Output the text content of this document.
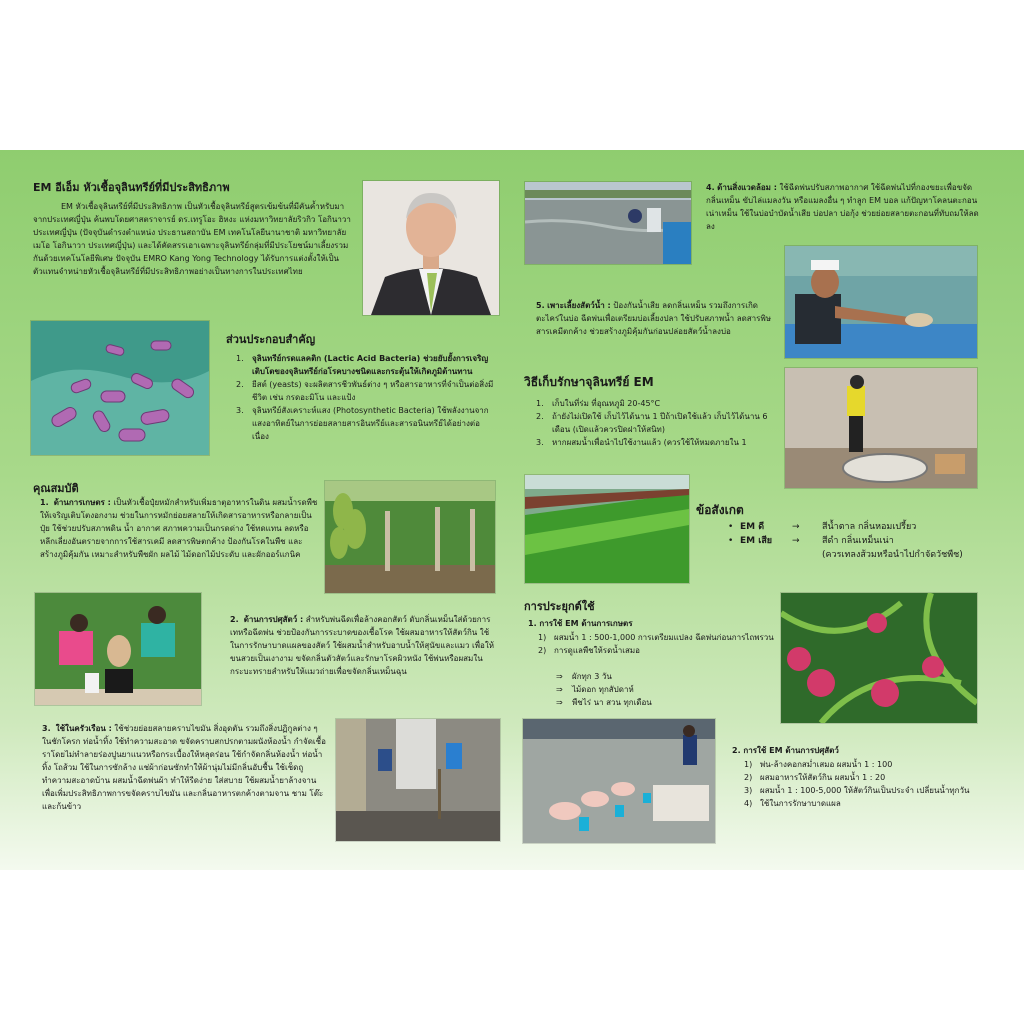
EM อีเอ็ม หัวเชื้อจุลินทรีย์ที่มีประสิทธิภาพ
EM หัวเชื้อจุลินทรีย์ที่มีประสิทธิภาพ เป็นหัวเชื้อจุลินทรีย์สูตรเข้มข้นที่มีคันค้ำหรับมาจากประเทศญี่ปุ่น ค้นพบโดยศาสตราจารย์ ดร.เทรูโอะ ฮิหงะ แห่งมหาวิทยาลัยริวกิว โอกินาวา ประเทศญี่ปุ่น (ปัจจุบันดำรงตำแหน่ง ประธานสถาบัน EM เทคโนโลยีนานาชาติ มหาวิทยาลัยเมโอ โอกินาวา ประเทศญี่ปุ่น) และได้คัดสรรเอาเฉพาะจุลินทรีย์กลุ่มที่มีประโยชน์มาเลี้ยงรวมกันด้วยเทคโนโลยีพิเศษ ปัจจุบัน EMRO Kang Yong Technology ได้รับการแต่งตั้งให้เป็นตัวแทนจำหน่ายหัวเชื้อจุลินทรีย์ที่มีประสิทธิภาพอย่างเป็นทางการในประเทศไทย
ส่วนประกอบสำคัญ
1.	จุลินทรีย์กรดแลคติก (Lactic Acid Bacteria) ช่วยยับยั้งการเจริญเติบโตของจุลินทรีย์ก่อโรคบางชนิดและกระตุ้นให้เกิดภูมิต้านทาน
2.	ยีสต์ (yeasts) จะผลิตสารชีวพันธ์ต่าง ๆ หรือสารอาหารที่จำเป็นต่อสิ่งมีชีวิต เช่น กรดอะมิโน และแป้ง
3.	จุลินทรีย์สังเคราะห์แสง (Photosynthetic Bacteria) ใช้พลังงานจากแสงอาทิตย์ในการย่อยสลายสารอินทรีย์และสารอนินทรีย์ได้อย่างต่อเนื่อง
5. เพาะเลี้ยงสัตว์น้ำ : ป้องกันน้ำเสีย ลดกลิ่นเหม็น รวมถึงการเกิดตะไคร่ในบ่อ ฉีดพ่นเพื่อเตรียมบ่อเลี้ยงปลา ใช้ปรับสภาพน้ำ ลดสารพิษ สารเคมีตกค้าง ช่วยสร้างภูมิคุ้มกันก่อนปล่อยสัตว์น้ำลงบ่อ
4. ด้านสิ่งแวดล้อม : ใช้ฉีดพ่นปรับสภาพอากาศ ใช้ฉีดพ่นไปที่กองขยะเพื่อขจัดกลิ่นเหม็น ขับไล่แมลงวัน หรือแมลงอื่น ๆ ทำลูก EM บอล แก้ปัญหาโคลนตะกอนเน่าเหม็น ใช้ในบ่อบำบัดน้ำเสีย บ่อปลา บ่อกุ้ง ช่วยย่อยสลายตะกอนที่ทับถมให้ลดลง
วิธีเก็บรักษาจุลินทรีย์ EM
1.	เก็บในที่ร่ม ที่อุณหภูมิ 20-45°C
2.	ถ้ายังไม่เปิดใช้ เก็บไว้ได้นาน 1 ปีถ้าเปิดใช้แล้ว เก็บไว้ได้นาน 6 เดือน (เปิดแล้วควรปิดฝาให้สนิท)
3.	หากผสมน้ำเพื่อนำไปใช้งานแล้ว (ควรใช้ให้หมดภายใน 1
คุณสมบัติ
1. ด้านการเกษตร : เป็นหัวเชื้อปุ๋ยหมักสำหรับเพิ่มธาตุอาหารในดิน ผสมน้ำรดพืชให้เจริญเติบโตงอกงาม ช่วยในการหมักย่อยสลายให้เกิดสารอาหารหรือกลายเป็นปุ๋ย ใช้ช่วยปรับสภาพดิน น้ำ อากาศ สภาพความเป็นกรดด่าง ใช้ทดแทน ลดหรือหลีกเลี่ยงอันตรายจากการใช้สารเคมี ลดสารพิษตกค้าง ป้องกันโรคในพืช และสร้างภูมิคุ้มกัน เหมาะสำหรับพืชผัก ผลไม้ ไม้ดอกไม้ประดับ และผักออร์แกนิค
ข้อสังเกต
• EM ดี	→	สีน้ำตาล กลิ่นหอมเปรี้ยว
• EM เสีย	→	สีดำ กลิ่นเหม็นเน่า
(ควรเทลงส้วมหรือนำไปกำจัดวัชพืช)
2. ด้านการปศุสัตว์ : สำหรับพ่นฉีดเพื่อล้างคอกสัตว์ ดับกลิ่นเหม็นใส่ด้วยการเทหรือฉีดพ่น ช่วยป้องกันการระบาดของเชื้อโรค ใช้ผสมอาหารให้สัตว์กิน ใช้ในการรักษาบาดแผลของสัตว์ ใช้ผสมน้ำสำหรับอาบน้ำให้สุนัขและแมว เพื่อให้ขนสวยเป็นเงางาม ขจัดกลิ่นตัวสัตว์และรักษาโรคผิวหนัง ใช้พ่นหรือผสมในกระบะทรายสำหรับให้แมวถ่ายเพื่อขจัดกลิ่นเหม็นฉุน
การประยุกต์ใช้
1. การใช้ EM ด้านการเกษตร
1) ผสมน้ำ 1 : 500-1,000 การเตรียมแปลง ฉีดพ่นก่อนการไถพรวน
2) การดูแลพืชให้รดน้ำเสมอ
⇒	ผักทุก 3 วัน
⇒	ไม้ดอก ทุกสัปดาห์
⇒	พืชไร่ นา สวน ทุกเดือน
3. ใช้ในครัวเรือน : ใช้ช่วยย่อยสลายคราบไขมัน สิ่งอุดตัน รวมถึงสิ่งปฏิกูลต่าง ๆ ในชักโครก ท่อน้ำทิ้ง ใช้ทำความสะอาด ขจัดคราบสกปรกตามผนังห้องน้ำ กำจัดเชื้อราโดยไม่ทำลายร่องปูนยาแนวหรือกระเบื้องให้หลุดร่อน ใช้กำจัดกลิ่นห้องน้ำ ท่อน้ำทิ้ง โถส้วม ใช้ในการซักล้าง แช่ผ้าก่อนซักทำให้ผ้านุ่มไม่มีกลิ่นอับชื้น ใช้เช็ดถูทำความสะอาดบ้าน ผสมน้ำฉีดพ่นผ้า ทำให้รีดง่าย ใส่สบาย ใช้ผสมน้ำยาล้างจาน เพื่อเพิ่มประสิทธิภาพการขจัดคราบไขมัน และกลิ่นอาหารตกค้างตามจาน ชาม โต๊ะ และก้นข้าว
2. การใช้ EM ด้านการปศุสัตว์
1) พ่น-ล้างคอกสม่ำเสมอ ผสมน้ำ 1 : 100
2) ผสมอาหารให้สัตว์กิน ผสมน้ำ 1 : 20
3) ผสมน้ำ 1 : 100-5,000 ให้สัตว์กินเป็นประจำ เปลี่ยนน้ำทุกวัน
4) ใช้ในการรักษาบาดแผล
